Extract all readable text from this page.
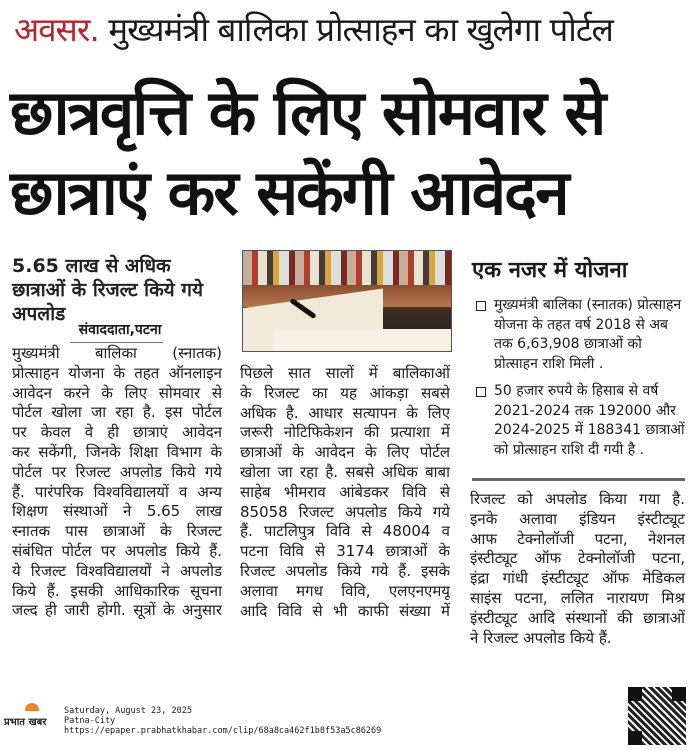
अवसर. मुख्यमंत्री बालिका प्रोत्साहन का खुलेगा पोर्टल
छात्रवृत्ति के लिए सोमवार से
छात्राएं कर सकेंगी आवेदन
5.65 लाख से अधिक छात्राओं के रिजल्ट किये गये अपलोड
संवाददाता,पटना
मुख्यमंत्री बालिका (स्नातक)
प्रोत्साहन योजना के तहत ऑनलाइन
आवेदन करने के लिए सोमवार से
पोर्टल खोला जा रहा है. इस पोर्टल
पर केवल वे ही छात्राएं आवेदन
कर सकेंगी, जिनके शिक्षा विभाग के
पोर्टल पर रिजल्ट अपलोड किये गये
हैं. पारंपरिक विश्वविद्यालयों व अन्य
शिक्षण संस्थाओं ने 5.65 लाख
स्नातक पास छात्राओं के रिजल्ट
संबंधित पोर्टल पर अपलोड किये हैं.
ये रिजल्ट विश्वविद्यालयों ने अपलोड
किये हैं. इसकी आधिकारिक सूचना
जल्द ही जारी होगी. सूत्रों के अनुसार
पिछले सात सालों में बालिकाओं
के रिजल्ट का यह आंकड़ा सबसे
अधिक है. आधार सत्यापन के लिए
जरूरी नोटिफिकेशन की प्रत्याशा में
छात्राओं के आवेदन के लिए पोर्टल
खोला जा रहा है. सबसे अधिक बाबा
साहेब भीमराव आंबेडकर विवि से
85058 रिजल्ट अपलोड किये गये
हैं. पाटलिपुत्र विवि से 48004 व
पटना विवि से 3174 छात्राओं के
रिजल्ट अपलोड किये गये हैं. इसके
अलावा मगध विवि, एलएनएमयू
आदि विवि से भी काफी संख्या में
रिजल्ट को अपलोड किया गया है.
इनके अलावा इंडियन इंस्टीट्यूट
आफ टेक्नोलॉजी पटना, नेशनल
इंस्टीट्यूट ऑफ टेक्नोलॉजी पटना,
इंद्रा गांधी इंस्टीट्यूट ऑफ मेडिकल
साइंस पटना, ललित नारायण मिश्र
इंस्टीट्यूट आदि संस्थानों की छात्राओं
ने रिजल्ट अपलोड किये हैं.
एक नजर में योजना
मुख्यमंत्री बालिका (स्नातक) प्रोत्साहन योजना के तहत वर्ष 2018 से अब तक 6,63,908 छात्राओं को प्रोत्साहन राशि मिली .
50 हजार रुपये के हिसाब से वर्ष 2021-2024 तक 192000 और 2024-2025 में 188341 छात्राओं को प्रोत्साहन राशि दी गयी है .
प्रभात खबर
Saturday, August 23, 2025
Patna-City
https://epaper.prabhatkhabar.com/clip/68a8ca462f1b8f53a5c86269
